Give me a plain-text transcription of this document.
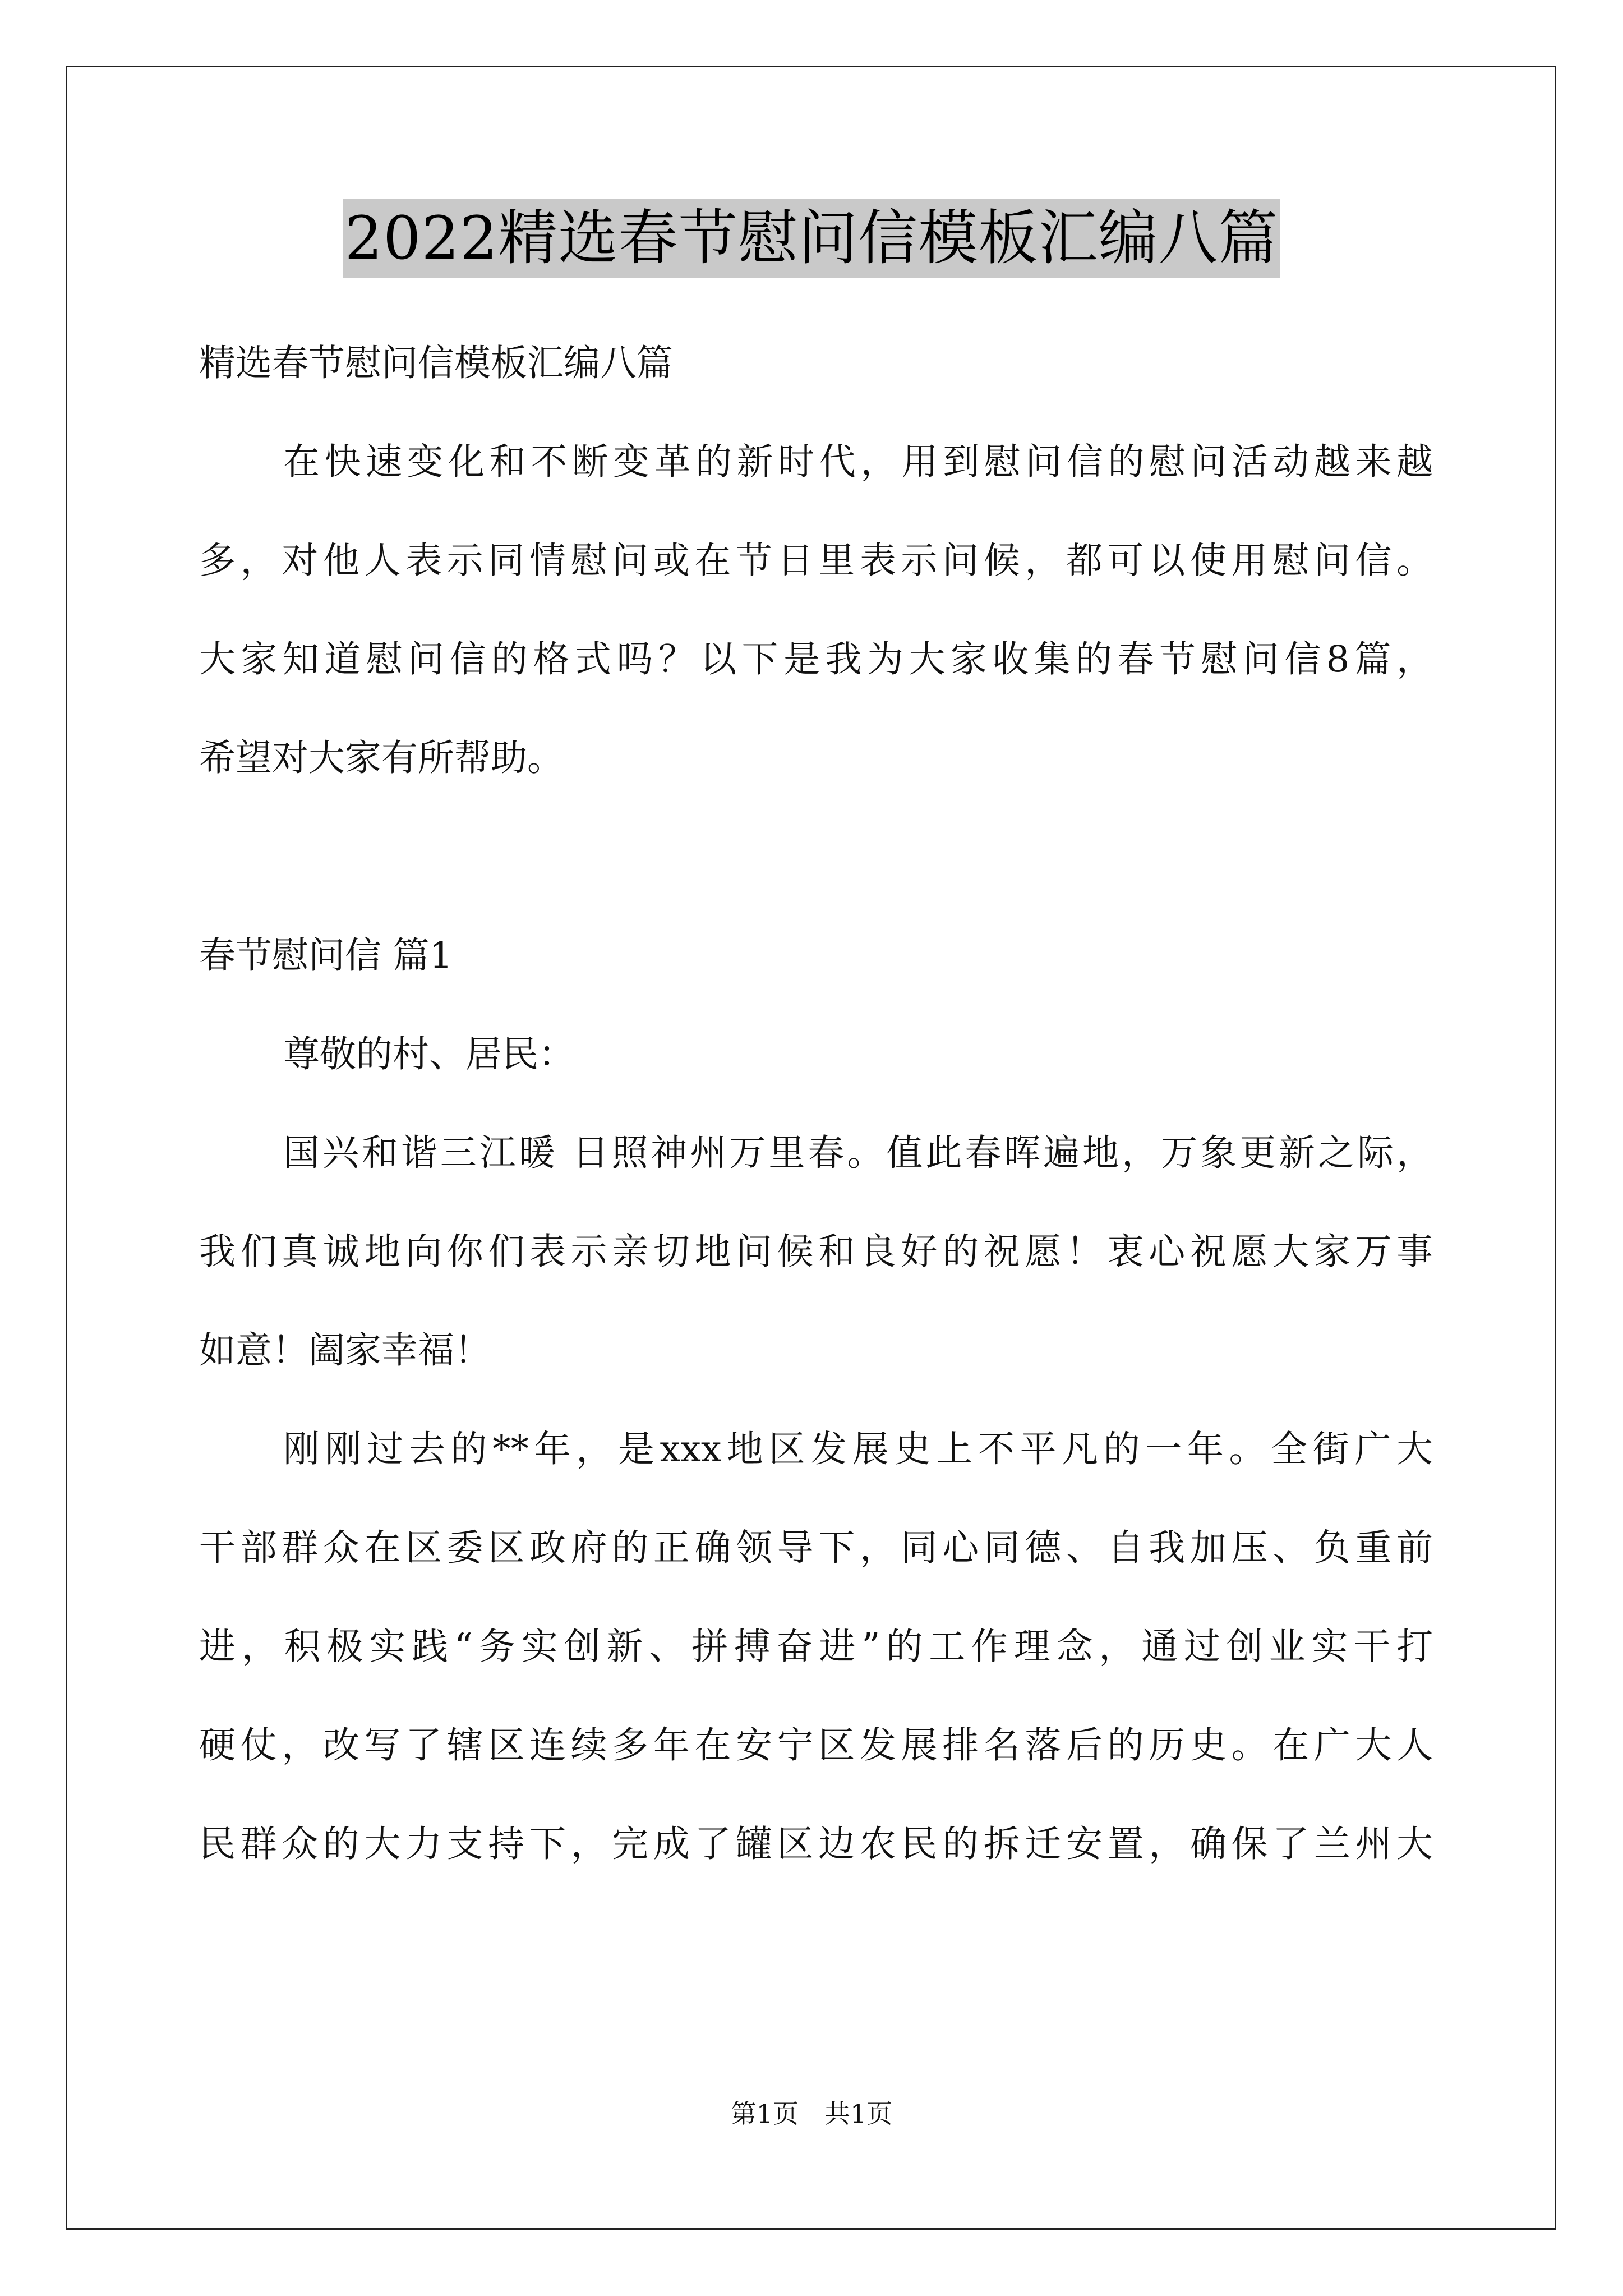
2022精选春节慰问信模板汇编八篇
精选春节慰问信模板汇编八篇
在快速变化和不断变革的新时代，用到慰问信的慰问活动越来越
多，对他人表示同情慰问或在节日里表示问候，都可以使用慰问信。
大家知道慰问信的格式吗？以下是我为大家收集的春节慰问信8篇，
希望对大家有所帮助。
春节慰问信 篇1
尊敬的村、居民：
国兴和谐三江暖 日照神州万里春。值此春晖遍地，万象更新之际，
我们真诚地向你们表示亲切地问候和良好的祝愿！衷心祝愿大家万事
如意！阖家幸福！
刚刚过去的**年，是xxx地区发展史上不平凡的一年。全街广大
干部群众在区委区政府的正确领导下，同心同德、自我加压、负重前
进，积极实践“务实创新、拼搏奋进”的工作理念，通过创业实干打
硬仗，改写了辖区连续多年在安宁区发展排名落后的历史。在广大人
民群众的大力支持下，完成了罐区边农民的拆迁安置，确保了兰州大
第1页　共1页
